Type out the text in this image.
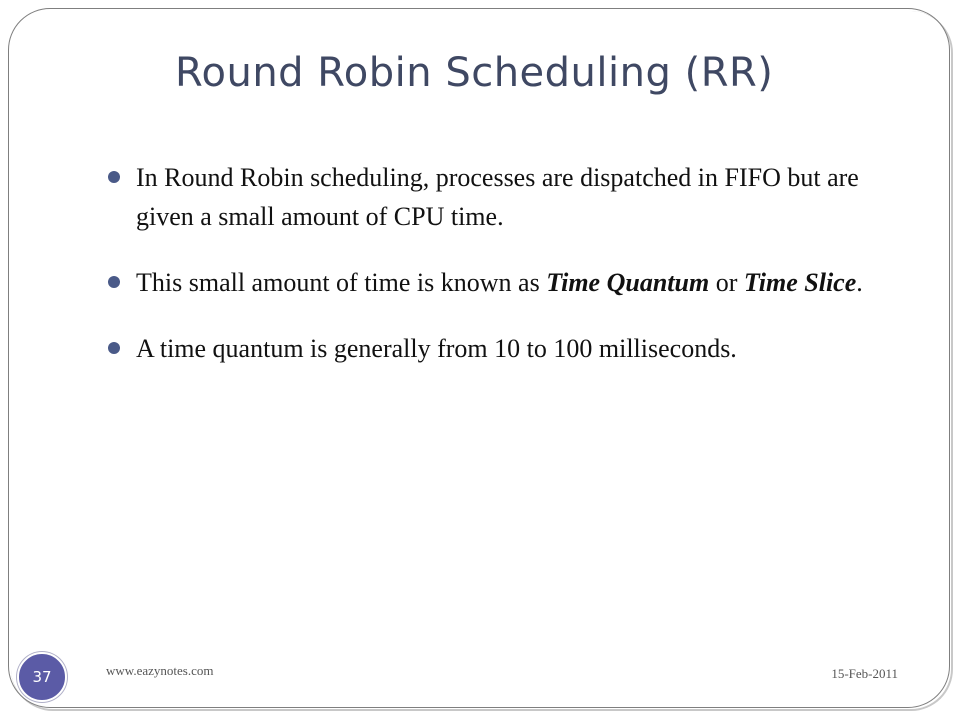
Round Robin Scheduling (RR)
In Round Robin scheduling, processes are dispatched in FIFO but are given a small amount of CPU time.
This small amount of time is known as Time Quantum or Time Slice.
A time quantum is generally from 10 to 100 milliseconds.
37	www.eazynotes.com	15-Feb-2011
